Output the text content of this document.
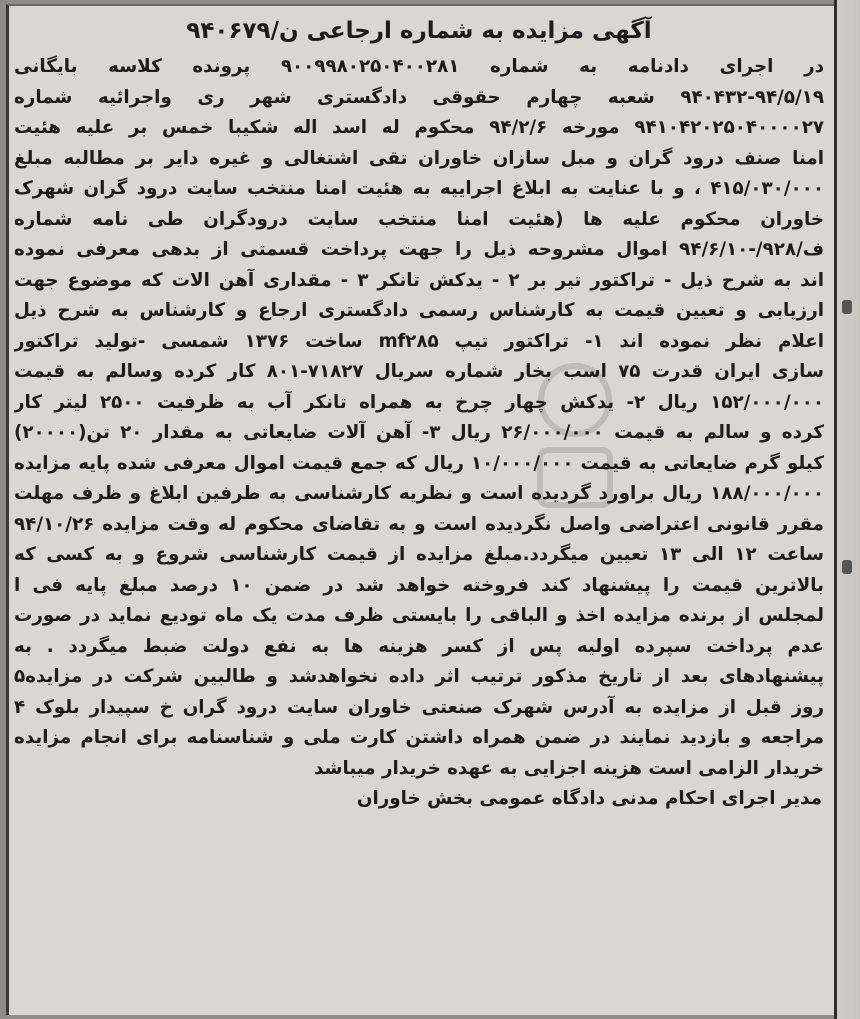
آگهی مزایده به شماره ارجاعی ن/۹۴۰۶۷۹
در اجرای دادنامه به شماره ۹۰۰۹۹۸۰۲۵۰۴۰۰۲۸۱ پرونده کلاسه بایگانی
۹۴۰۴۳۲-۹۴/۵/۱۹ شعبه چهارم حقوقی دادگستری شهر ری واجرائیه شماره
۹۴۱۰۴۲۰۲۵۰۴۰۰۰۰۲۷ مورخه ۹۴/۲/۶ محکوم له اسد اله شکیبا خمس بر علیه هئیت
امنا صنف درود گران و مبل سازان خاوران تقی اشتغالی و غیره دایر بر مطالبه مبلغ
۴۱۵/۰۳۰/۰۰۰ ، و با عنایت به ابلاغ اجراییه به هئیت امنا منتخب سایت درود گران شهرک
خاوران محکوم علیه ها (هئیت امنا منتخب سایت درودگران طی نامه شماره
ف/۹۲۸/-۹۴/۶/۱۰ اموال مشروحه ذیل را جهت پرداخت قسمتی از بدهی معرفی نموده
اند به شرح ذیل - تراکتور تیر بر ۲ - یدکش تانکر ۳ - مقداری آهن الات که موضوع جهت
ارزیابی و تعیین قیمت به کارشناس رسمی دادگستری ارجاع و کارشناس به شرح ذیل
اعلام نظر نموده اند ۱- تراکتور تیپ mf۲۸۵ ساخت ۱۳۷۶ شمسی -تولید تراکتور
سازی ایران قدرت ۷۵ اسب بخار شماره سریال ۷۱۸۲۷-۸۰۱ کار کرده وسالم به قیمت
۱۵۲/۰۰۰/۰۰۰ ریال ۲- یدکش چهار چرخ به همراه تانکر آب به ظرفیت ۲۵۰۰ لیتر کار
کرده و سالم به قیمت ۲۶/۰۰۰/۰۰۰ ریال ۳- آهن آلات ضایعاتی به مقدار ۲۰ تن(۲۰۰۰۰)
کیلو گرم ضایعاتی به قیمت ۱۰/۰۰۰/۰۰۰ ریال که جمع قیمت اموال معرفی شده پایه مزایده
۱۸۸/۰۰۰/۰۰۰ ریال براورد گردیده است و نظریه کارشناسی به طرفین ابلاغ و ظرف مهلت
مقرر قانونی اعتراضی واصل نگردیده است و به تقاضای محکوم له وقت مزایده ۹۴/۱۰/۲۶
ساعت ۱۲ الی ۱۳ تعیین میگردد.مبلغ مزایده از قیمت کارشناسی شروع و به کسی که
بالاترین قیمت را پیشنهاد کند فروخته خواهد شد در ضمن ۱۰ درصد مبلغ پایه فی ا
لمجلس از برنده مزایده اخذ و الباقی را بایستی ظرف مدت یک ماه تودیع نماید در صورت
عدم پرداخت سپرده اولیه پس از کسر هزینه ها به نفع دولت ضبط میگردد . به
پیشنهادهای بعد از تاریخ مذکور ترتیب اثر داده نخواهدشد و طالبین شرکت در مزایده۵
روز قبل از مزایده به آدرس شهرک صنعتی خاوران سایت درود گران خ سپیدار بلوک ۴
مراجعه و بازدید نمایند در ضمن همراه داشتن کارت ملی و شناسنامه برای انجام مزایده
خریدار الزامی است هزینه اجزایی به عهده خریدار میباشد
مدیر اجرای احکام مدنی دادگاه عمومی بخش خاوران
